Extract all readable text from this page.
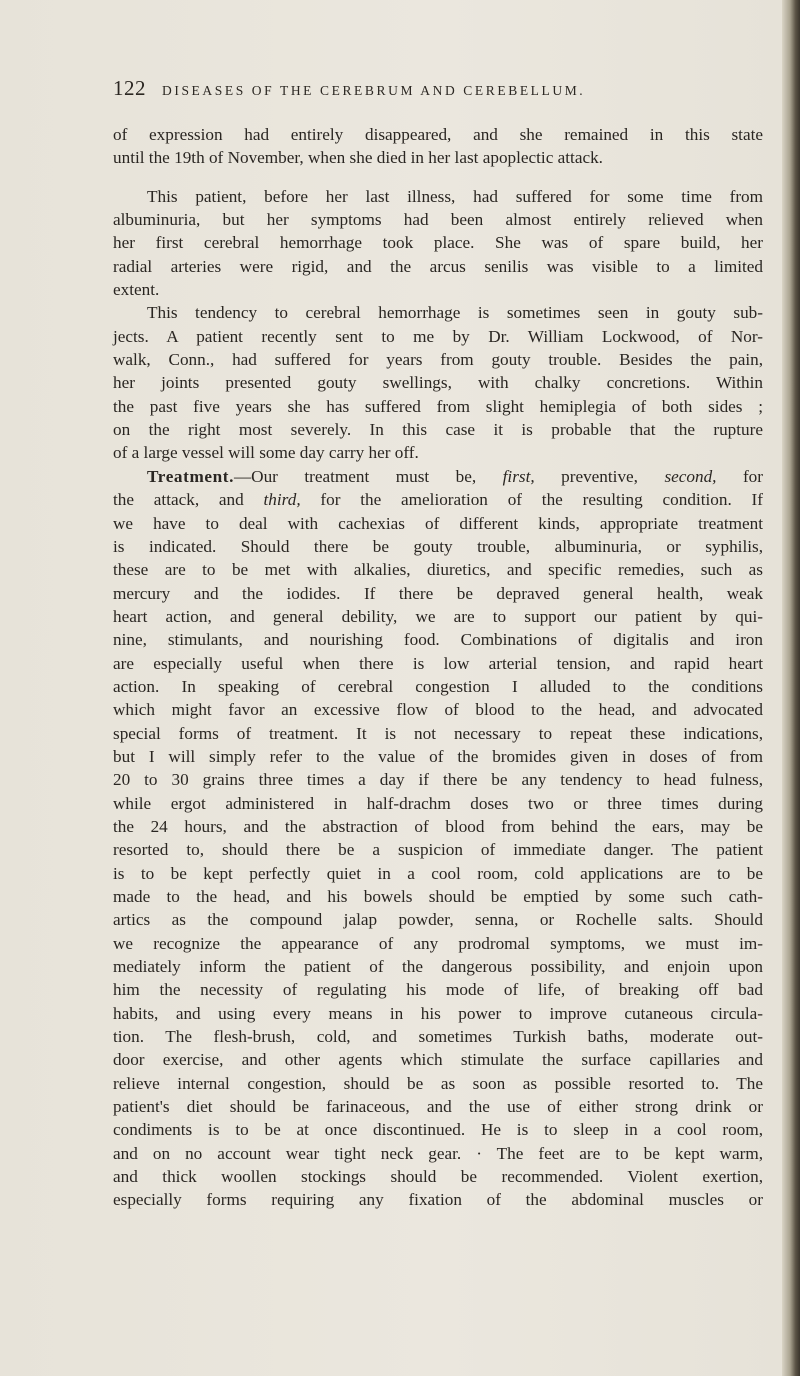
122 DISEASES OF THE CEREBRUM AND CEREBELLUM.
of expression had entirely disappeared, and she remained in this state
until the 19th of November, when she died in her last apoplectic attack.
This patient, before her last illness, had suffered for some time from
albuminuria, but her symptoms had been almost entirely relieved when
her first cerebral hemorrhage took place. She was of spare build, her
radial arteries were rigid, and the arcus senilis was visible to a limited
extent.
This tendency to cerebral hemorrhage is sometimes seen in gouty sub-
jects. A patient recently sent to me by Dr. William Lockwood, of Nor-
walk, Conn., had suffered for years from gouty trouble. Besides the pain,
her joints presented gouty swellings, with chalky concretions. Within
the past five years she has suffered from slight hemiplegia of both sides ;
on the right most severely. In this case it is probable that the rupture
of a large vessel will some day carry her off.
Treatment.—Our treatment must be, first, preventive, second, for
the attack, and third, for the amelioration of the resulting condition. If
we have to deal with cachexias of different kinds, appropriate treatment
is indicated. Should there be gouty trouble, albuminuria, or syphilis,
these are to be met with alkalies, diuretics, and specific remedies, such as
mercury and the iodides. If there be depraved general health, weak
heart action, and general debility, we are to support our patient by qui-
nine, stimulants, and nourishing food. Combinations of digitalis and iron
are especially useful when there is low arterial tension, and rapid heart
action. In speaking of cerebral congestion I alluded to the conditions
which might favor an excessive flow of blood to the head, and advocated
special forms of treatment. It is not necessary to repeat these indications,
but I will simply refer to the value of the bromides given in doses of from
20 to 30 grains three times a day if there be any tendency to head fulness,
while ergot administered in half-drachm doses two or three times during
the 24 hours, and the abstraction of blood from behind the ears, may be
resorted to, should there be a suspicion of immediate danger. The patient
is to be kept perfectly quiet in a cool room, cold applications are to be
made to the head, and his bowels should be emptied by some such cath-
artics as the compound jalap powder, senna, or Rochelle salts. Should
we recognize the appearance of any prodromal symptoms, we must im-
mediately inform the patient of the dangerous possibility, and enjoin upon
him the necessity of regulating his mode of life, of breaking off bad
habits, and using every means in his power to improve cutaneous circula-
tion. The flesh-brush, cold, and sometimes Turkish baths, moderate out-
door exercise, and other agents which stimulate the surface capillaries and
relieve internal congestion, should be as soon as possible resorted to. The
patient's diet should be farinaceous, and the use of either strong drink or
condiments is to be at once discontinued. He is to sleep in a cool room,
and on no account wear tight neck gear. · The feet are to be kept warm,
and thick woollen stockings should be recommended. Violent exertion,
especially forms requiring any fixation of the abdominal muscles or
